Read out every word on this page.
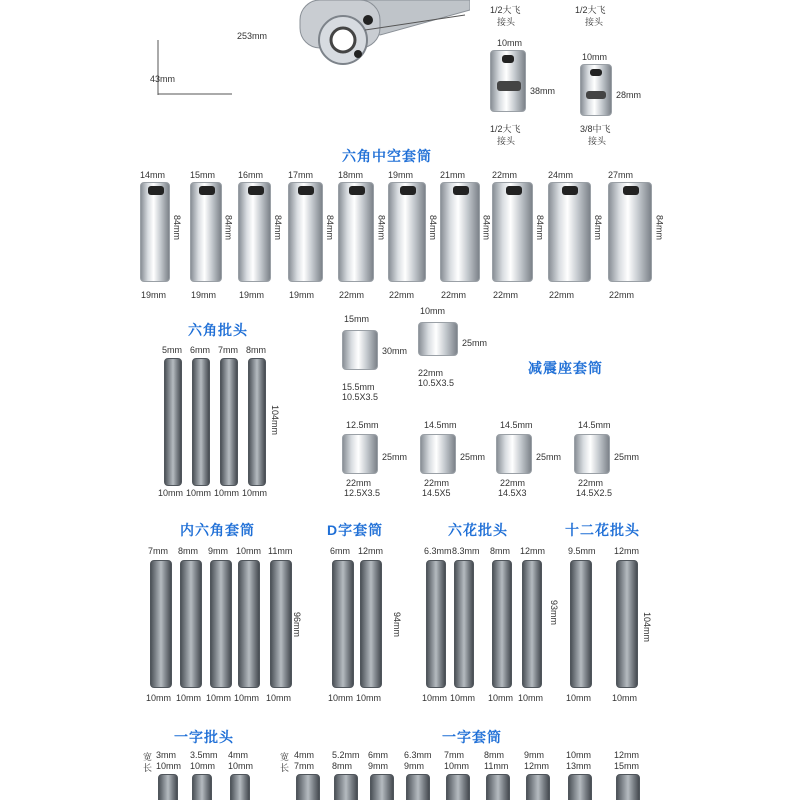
253mm
43mm
1/2大飞
接头
1/2大飞
接头
10mm
38mm
1/2大飞
接头
10mm
28mm
3/8中飞
接头
六角中空套筒
14mm
84mm
19mm
15mm
84mm
19mm
16mm
84mm
19mm
17mm
84mm
19mm
18mm
84mm
22mm
19mm
84mm
22mm
21mm
84mm
22mm
22mm
84mm
22mm
24mm
84mm
22mm
27mm
84mm
22mm
六角批头
5mm
10mm
6mm
10mm
7mm
10mm
8mm
10mm
104mm
减震座套筒
15mm
30mm
15.5mm
10.5X3.5
10mm
25mm
22mm
10.5X3.5
12.5mm
25mm
22mm
12.5X3.5
14.5mm
25mm
22mm
14.5X5
14.5mm
25mm
22mm
14.5X3
14.5mm
25mm
22mm
14.5X2.5
内六角套筒
7mm
10mm
8mm
10mm
9mm
10mm
10mm
10mm
11mm
10mm
96mm
D字套筒
6mm
10mm
12mm
10mm
94mm
六花批头
6.3mm
10mm
8.3mm
10mm
8mm
10mm
12mm
10mm
93mm
十二花批头
9.5mm
10mm
12mm
10mm
104mm
一字批头
宽
长
3mm
10mm
3.5mm
10mm
4mm
10mm
一字套筒
宽
长
4mm
7mm
5.2mm
8mm
6mm
9mm
6.3mm
9mm
7mm
10mm
8mm
11mm
9mm
12mm
10mm
13mm
12mm
15mm
